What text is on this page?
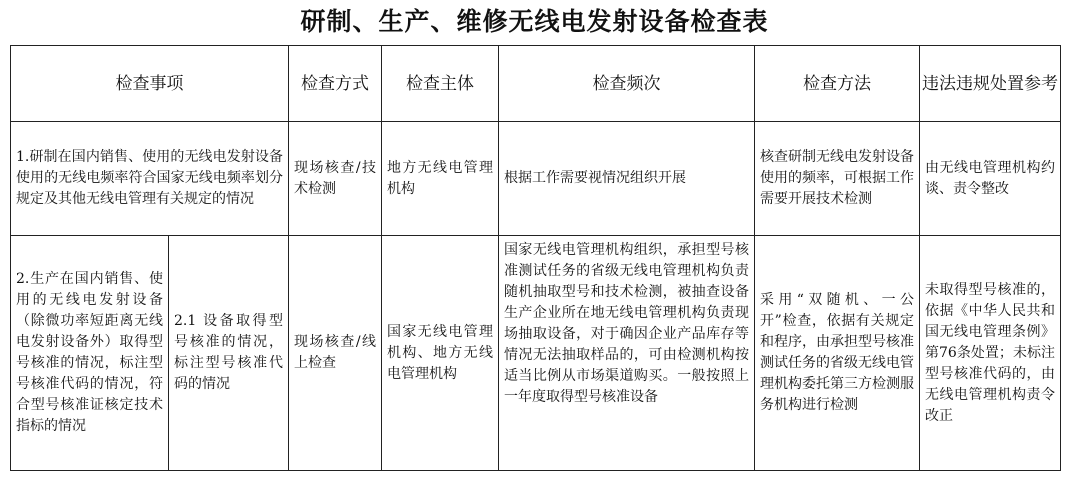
研制、生产、维修无线电发射设备检查表
检查事项		检查方式	检查主体	检查频次	检查方法	违法违规处置参考
1.研制在国内销售、使用的无线电发射设备使用的无线电频率符合国家无线电频率划分规定及其他无线电管理有关规定的情况		现场核查/技术检测	地方无线电管理机构	根据工作需要视情况组织开展	核查研制无线电发射设备使用的频率，可根据工作需要开展技术检测	由无线电管理机构约谈、责令整改
2.生产在国内销售、使用的无线电发射设备（除微功率短距离无线电发射设备外）取得型号核准的情况，标注型号核准代码的情况，符合型号核准证核定技术指标的情况	2.1 设备取得型号核准的情况，标注型号核准代码的情况	现场核查/线上检查	国家无线电管理机构、地方无线电管理机构	国家无线电管理机构组织，承担型号核准测试任务的省级无线电管理机构负责随机抽取型号和技术检测，被抽查设备生产企业所在地无线电管理机构负责现场抽取设备，对于确因企业产品库存等情况无法抽取样品的，可由检测机构按适当比例从市场渠道购买。一般按照上一年度取得型号核准设备	采用“双随机、一公开”检查，依据有关规定和程序，由承担型号核准测试任务的省级无线电管理机构委托第三方检测服务机构进行检测	未取得型号核准的，依据《中华人民共和国无线电管理条例》第76条处置；未标注型号核准代码的，由无线电管理机构责令改正
